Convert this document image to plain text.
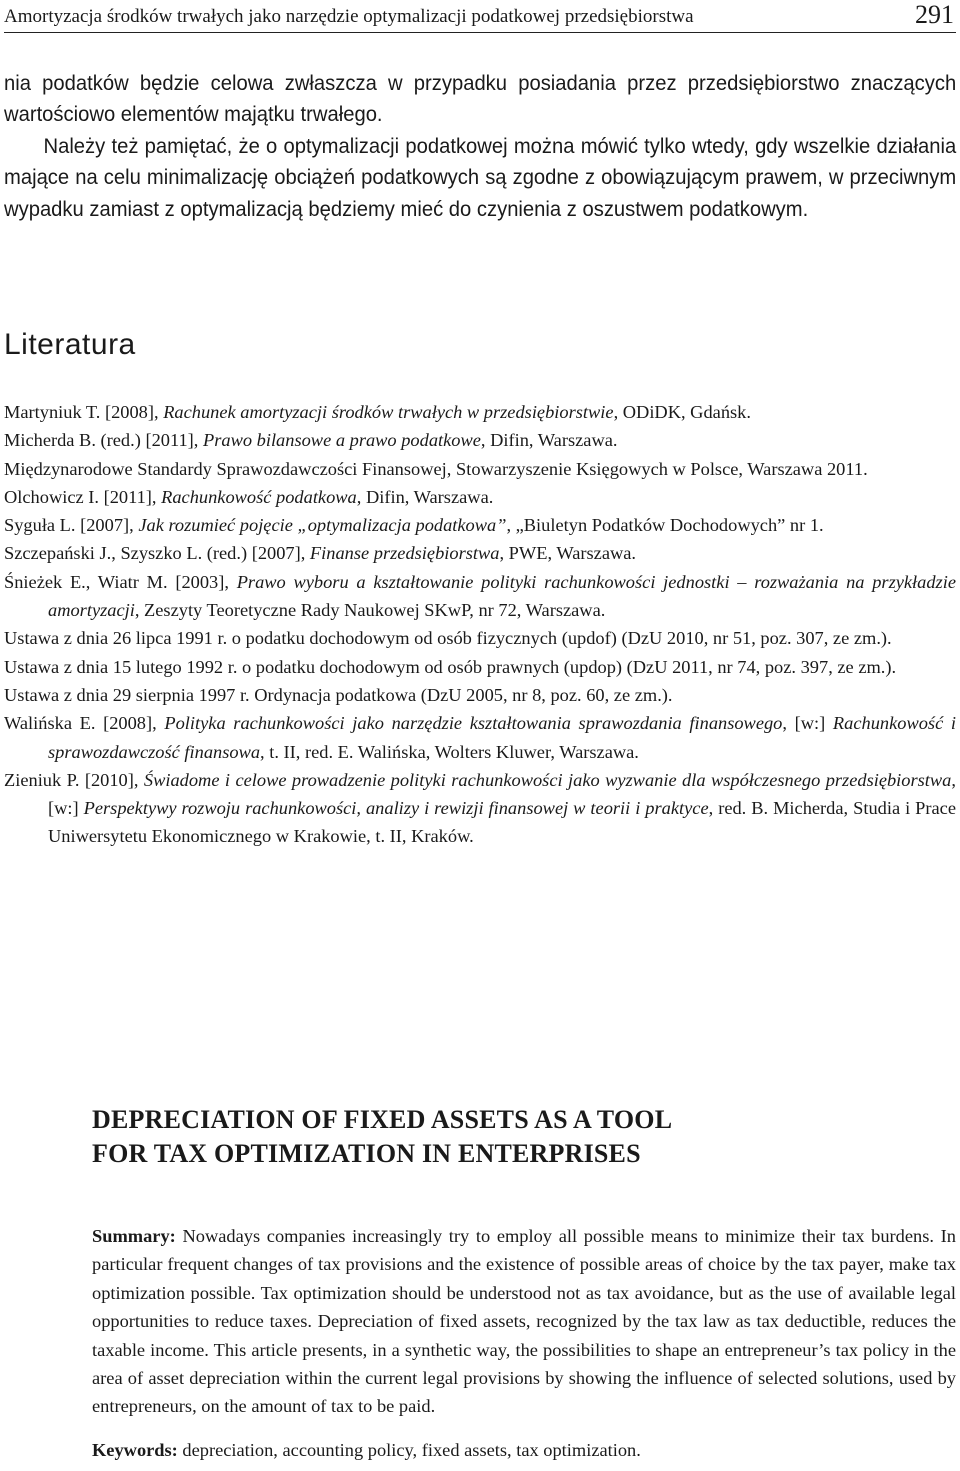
Amortyzacja środków trwałych jako narzędzie optymalizacji podatkowej przedsiębiorstwa	291

nia podatków będzie celowa zwłaszcza w przypadku posiadania przez przedsiębiorstwo znaczących wartościowo elementów majątku trwałego.

Należy też pamiętać, że o optymalizacji podatkowej można mówić tylko wtedy, gdy wszelkie działania mające na celu minimalizację obciążeń podatkowych są zgodne z obowiązującym prawem, w przeciwnym wypadku zamiast z optymalizacją będziemy mieć do czynienia z oszustwem podatkowym.

Literatura
Martyniuk T. [2008], Rachunek amortyzacji środków trwałych w przedsiębiorstwie, ODiDK, Gdańsk.
Micherda B. (red.) [2011], Prawo bilansowe a prawo podatkowe, Difin, Warszawa.
Międzynarodowe Standardy Sprawozdawczości Finansowej, Stowarzyszenie Księgowych w Polsce, Warszawa 2011.
Olchowicz I. [2011], Rachunkowość podatkowa, Difin, Warszawa.
Syguła L. [2007], Jak rozumieć pojęcie „optymalizacja podatkowa”, „Biuletyn Podatków Dochodowych” nr 1.
Szczepański J., Szyszko L. (red.) [2007], Finanse przedsiębiorstwa, PWE, Warszawa.
Śnieżek E., Wiatr M. [2003], Prawo wyboru a kształtowanie polityki rachunkowości jednostki – rozważania na przykładzie amortyzacji, Zeszyty Teoretyczne Rady Naukowej SKwP, nr 72, Warszawa.
Ustawa z dnia 26 lipca 1991 r. o podatku dochodowym od osób fizycznych (updof) (DzU 2010, nr 51, poz. 307, ze zm.).
Ustawa z dnia 15 lutego 1992 r. o podatku dochodowym od osób prawnych (updop) (DzU 2011, nr 74, poz. 397, ze zm.).
Ustawa z dnia 29 sierpnia 1997 r. Ordynacja podatkowa (DzU 2005, nr 8, poz. 60, ze zm.).
Walińska E. [2008], Polityka rachunkowości jako narzędzie kształtowania sprawozdania finansowego, [w:] Rachunkowość i sprawozdawczość finansowa, t. II, red. E. Walińska, Wolters Kluwer, Warszawa.
Zieniuk P. [2010], Świadome i celowe prowadzenie polityki rachunkowości jako wyzwanie dla współczesnego przedsiębiorstwa, [w:] Perspektywy rozwoju rachunkowości, analizy i rewizji finansowej w teorii i praktyce, red. B. Micherda, Studia i Prace Uniwersytetu Ekonomicznego w Krakowie, t. II, Kraków.
DEPRECIATION OF FIXED ASSETS AS A TOOL
FOR TAX OPTIMIZATION IN ENTERPRISES

Summary: Nowadays companies increasingly try to employ all possible means to minimize their tax burdens. In particular frequent changes of tax provisions and the existence of possible areas of choice by the tax payer, make tax optimization possible. Tax optimization should be understood not as tax avoidance, but as the use of available legal opportunities to reduce taxes. Depreciation of fixed assets, recognized by the tax law as tax deductible, reduces the taxable income. This article presents, in a synthetic way, the possibilities to shape an entrepreneur’s tax policy in the area of asset depreciation within the current legal provisions by showing the influence of selected solutions, used by entrepreneurs, on the amount of tax to be paid.

Keywords: depreciation, accounting policy, fixed assets, tax optimization.
